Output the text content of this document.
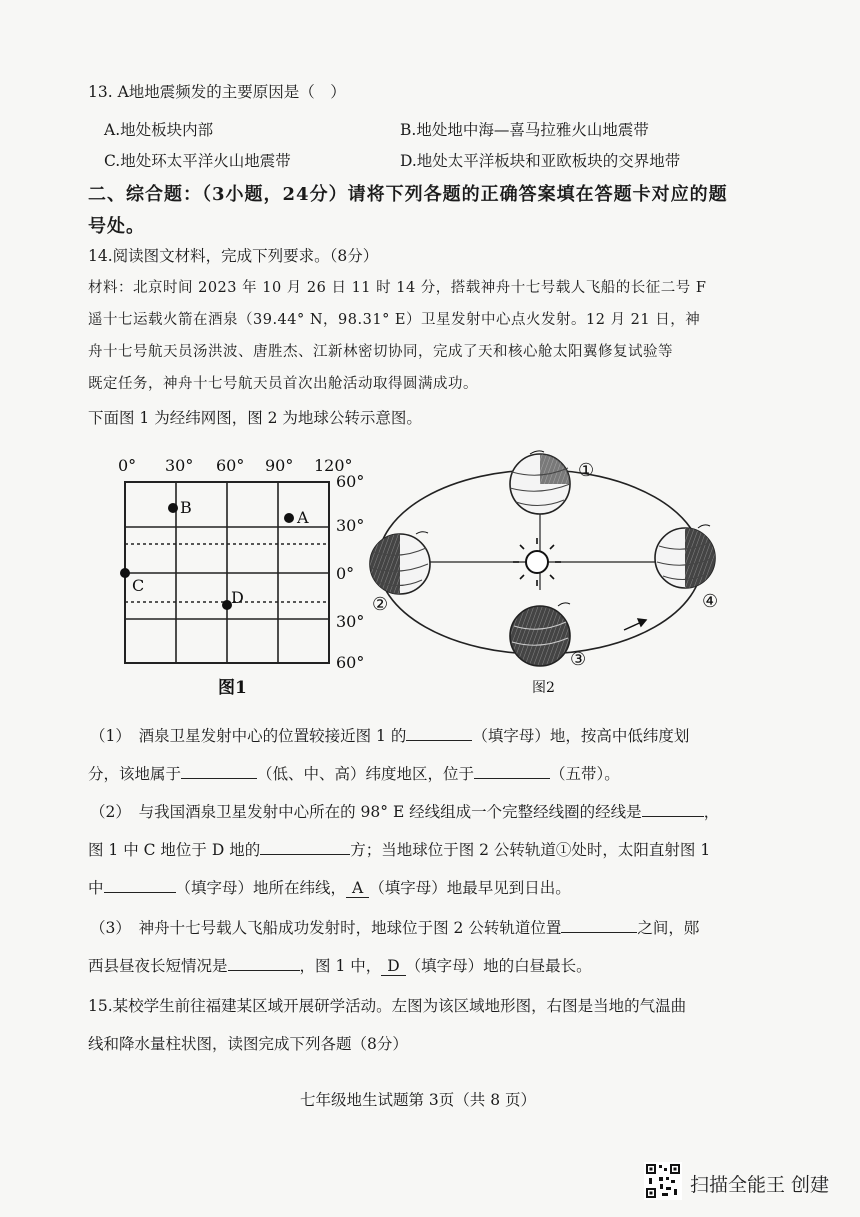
13. A地地震频发的主要原因是（　）
A.地处板块内部	B.地处地中海—喜马拉雅火山地震带
C.地处环太平洋火山地震带	D.地处太平洋板块和亚欧板块的交界地带
二、综合题：（3小题，24分）请将下列各题的正确答案填在答题卡对应的题
号处。
14.阅读图文材料，完成下列要求。（8分）
材料：北京时间 2023 年 10 月 26 日 11 时 14 分，搭载神舟十七号载人飞船的长征二号 F
遥十七运载火箭在酒泉（39.44° N，98.31° E）卫星发射中心点火发射。12 月 21 日，神
舟十七号航天员汤洪波、唐胜杰、江新林密切协同，完成了天和核心舱太阳翼修复试验等
既定任务，神舟十七号航天员首次出舱活动取得圆满成功。
下面图 1 为经纬网图，图 2 为地球公转示意图。
0° 30° 60° 90° 120°
60°
30°
0°
30°
60°
B
A
C
D
图1
①
②
③
④
图2
（1）　酒泉卫星发射中心的位置较接近图 1 的	（填字母）地，按高中低纬度划
分，该地属于	（低、中、高）纬度地区，位于	（五带）。
（2）　与我国酒泉卫星发射中心所在的 98° E 经线组成一个完整经线圈的经线是	，
图 1 中 C 地位于 D 地的	方；当地球位于图 2 公转轨道①处时，太阳直射图 1
中	（填字母）地所在纬线， A （填字母）地最早见到日出。
（3）　神舟十七号载人飞船成功发射时，地球位于图 2 公转轨道位置	之间，郧
西县昼夜长短情况是	，图 1 中， D （填字母）地的白昼最长。
15.某校学生前往福建某区域开展研学活动。左图为该区域地形图，右图是当地的气温曲
线和降水量柱状图，读图完成下列各题（8分）
七年级地生试题第 3页（共 8 页）
扫描全能王 创建
